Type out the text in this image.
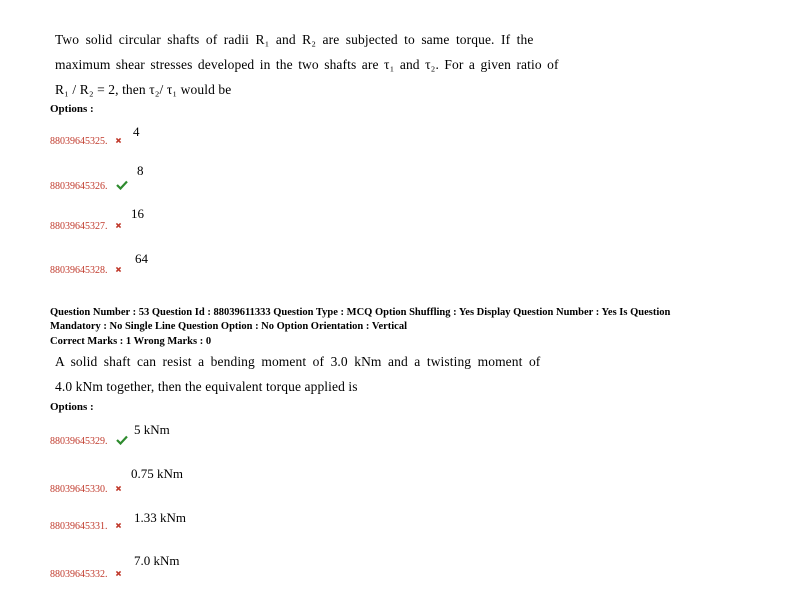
Two solid circular shafts of radii R₁ and R₂ are subjected to same torque. If the
maximum shear stresses developed in the two shafts are τ₁ and τ₂. For a given ratio of
R₁ / R₂ = 2, then τ₂/ τ₁ would be
Options :
88039645325.
4
88039645326.
8
88039645327.
16
88039645328.
64
Question Number : 53 Question Id : 88039611333 Question Type : MCQ Option Shuffling : Yes Display Question Number : Yes Is Question
Mandatory : No Single Line Question Option : No Option Orientation : Vertical
Correct Marks : 1 Wrong Marks : 0
A solid shaft can resist a bending moment of 3.0 kNm and a twisting moment of
4.0 kNm together, then the equivalent torque applied is
Options :
88039645329.
5 kNm
88039645330.
0.75 kNm
88039645331.
1.33 kNm
88039645332.
7.0 kNm
